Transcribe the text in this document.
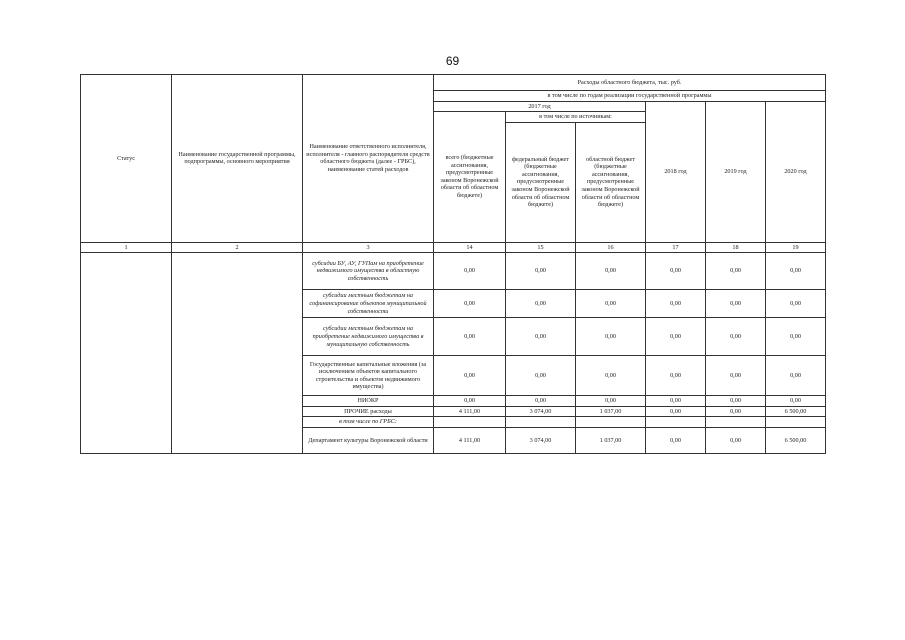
69
Статус	Наименование государственной программы, подпрограммы, основного мероприятия	Наименование ответственного исполнителя, исполнителя - главного распорядителя средств областного бюджета (далее - ГРБС), наименование статей расходов	Расходы областного бюджета, тыс. руб.					
			в том числе по годам реализации государственной программы					
			2017 год			2018 год	2019 год	2020 год
			всего (бюджетные ассигнования, предусмотренные законом Воронежской области об областном бюджете)	в том числе по источникам:				
				федеральный бюджет (бюджетные ассигнования, предусмотренные законом Воронежской области об областном бюджете)	областной бюджет (бюджетные ассигнования, предусмотренные законом Воронежской области об областном бюджете)			
1	2	3	14	15	16	17	18	19
		субсидии БУ, АУ, ГУПам на приобретение недвижимого имущества в областную собственность	0,00	0,00	0,00	0,00	0,00	0,00
		субсидии местным бюджетам на софинансирование объектов муниципальной собственности	0,00	0,00	0,00	0,00	0,00	0,00
		субсидии местным бюджетам на приобретение недвижимого имущества в муниципальную собственность	0,00	0,00	0,00	0,00	0,00	0,00
		Государственные капитальные вложения (за исключением объектов капитального строительства и объектов недвижимого имущества)	0,00	0,00	0,00	0,00	0,00	0,00
		НИОКР	0,00	0,00	0,00	0,00	0,00	0,00
		ПРОЧИЕ расходы	4 111,00	3 074,00	1 037,00	0,00	0,00	6 500,00
		в том числе по ГРБС:						
		Департамент культуры Воронежской области	4 111,00	3 074,00	1 037,00	0,00	0,00	6 500,00
